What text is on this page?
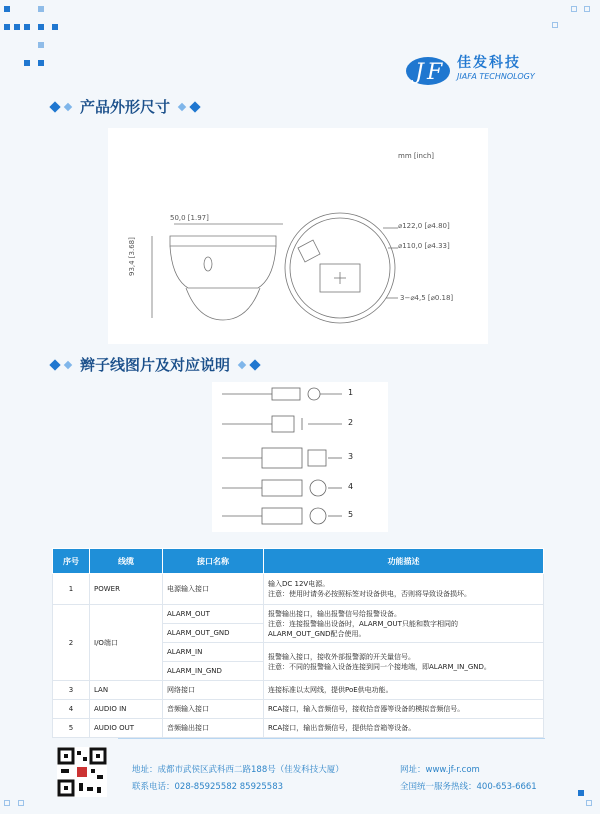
J F 佳发科技
JIAFA TECHNOLOGY
产品外形尺寸
mm [inch]
50,0 [1.97]
93,4 [3.68]
⌀122,0 [⌀4.80]
⌀110,0 [⌀4.33]
3−⌀4,5 [⌀0.18]
辫子线图片及对应说明
1
2
3
4
5
序号	线缆	接口名称	功能描述
1	POWER	电源输入接口	输入DC 12V电源。
注意：使用时请务必按照标签对设备供电，否则将导致设备损坏。
2	I/O端口	ALARM_OUT	报警输出接口，输出报警信号给报警设备。
注意：连接报警输出设备时，ALARM_OUT只能和数字相同的
ALARM_OUT_GND配合使用。
		ALARM_OUT_GND	
		ALARM_IN	报警输入接口，接收外部报警源的开关量信号。
注意：不同的报警输入设备连接到同一个接地端，即ALARM_IN_GND。
		ALARM_IN_GND	
3	LAN	网络接口	连接标准以太网线，提供PoE供电功能。
4	AUDIO IN	音频输入接口	RCA接口，输入音频信号，接收拾音器等设备的模拟音频信号。
5	AUDIO OUT	音频输出接口	RCA接口，输出音频信号，提供给音箱等设备。
地址：成都市武侯区武科西二路188号（佳发科技大厦）
联系电话：028-85925582 85925583
网址：www.jf-r.com
全国统一服务热线：400-653-6661
